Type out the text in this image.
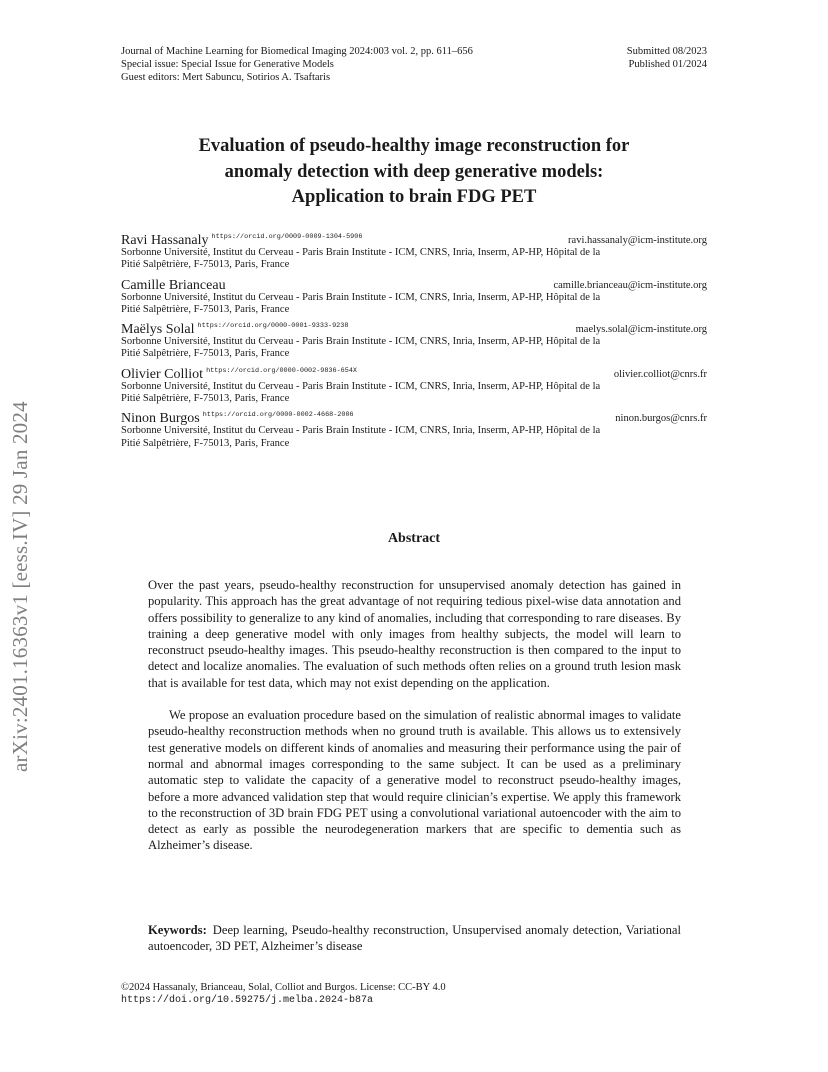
Journal of Machine Learning for Biomedical Imaging 2024:003 vol. 2, pp. 611–656
Special issue: Special Issue for Generative Models
Guest editors: Mert Sabuncu, Sotirios A. Tsaftaris
Submitted 08/2023
Published 01/2024
arXiv:2401.16363v1 [eess.IV] 29 Jan 2024
Evaluation of pseudo-healthy image reconstruction for
anomaly detection with deep generative models:
Application to brain FDG PET
Ravi Hassanaly $^{https://orcid.org/0009-0009-1304-5906}$	ravi.hassanaly@icm-institute.org
Sorbonne Université, Institut du Cerveau - Paris Brain Institute - ICM, CNRS, Inria, Inserm, AP-HP, Hôpital de la
Pitié Salpêtrière, F-75013, Paris, France
Camille Brianceau	camille.brianceau@icm-institute.org
Sorbonne Université, Institut du Cerveau - Paris Brain Institute - ICM, CNRS, Inria, Inserm, AP-HP, Hôpital de la
Pitié Salpêtrière, F-75013, Paris, France
Maëlys Solal $^{https://orcid.org/0000-0001-9333-9238}$	maelys.solal@icm-institute.org
Sorbonne Université, Institut du Cerveau - Paris Brain Institute - ICM, CNRS, Inria, Inserm, AP-HP, Hôpital de la
Pitié Salpêtrière, F-75013, Paris, France
Olivier Colliot $^{https://orcid.org/0000-0002-9836-654X}$	olivier.colliot@cnrs.fr
Sorbonne Université, Institut du Cerveau - Paris Brain Institute - ICM, CNRS, Inria, Inserm, AP-HP, Hôpital de la
Pitié Salpêtrière, F-75013, Paris, France
Ninon Burgos $^{https://orcid.org/0000-0002-4668-2006}$	ninon.burgos@cnrs.fr
Sorbonne Université, Institut du Cerveau - Paris Brain Institute - ICM, CNRS, Inria, Inserm, AP-HP, Hôpital de la
Pitié Salpêtrière, F-75013, Paris, France
Abstract

Over the past years, pseudo-healthy reconstruction for unsupervised anomaly detection has gained in popularity. This approach has the great advantage of not requiring tedious pixel-wise data annotation and offers possibility to generalize to any kind of anomalies, including that corresponding to rare diseases. By training a deep generative model with only images from healthy subjects, the model will learn to reconstruct pseudo-healthy images. This pseudo-healthy reconstruction is then compared to the input to detect and localize anomalies. The evaluation of such methods often relies on a ground truth lesion mask that is available for test data, which may not exist depending on the application.

We propose an evaluation procedure based on the simulation of realistic abnormal images to validate pseudo-healthy reconstruction methods when no ground truth is available. This allows us to extensively test generative models on different kinds of anomalies and measuring their performance using the pair of normal and abnormal images corresponding to the same subject. It can be used as a preliminary automatic step to validate the capacity of a generative model to reconstruct pseudo-healthy images, before a more advanced validation step that would require clinician’s expertise. We apply this framework to the reconstruction of 3D brain FDG PET using a convolutional variational autoencoder with the aim to detect as early as possible the neurodegeneration markers that are specific to dementia such as Alzheimer’s disease.

Keywords: Deep learning, Pseudo-healthy reconstruction, Unsupervised anomaly detection, Variational autoencoder, 3D PET, Alzheimer’s disease
©2024 Hassanaly, Brianceau, Solal, Colliot and Burgos. License: CC-BY 4.0
https://doi.org/10.59275/j.melba.2024-b87a
